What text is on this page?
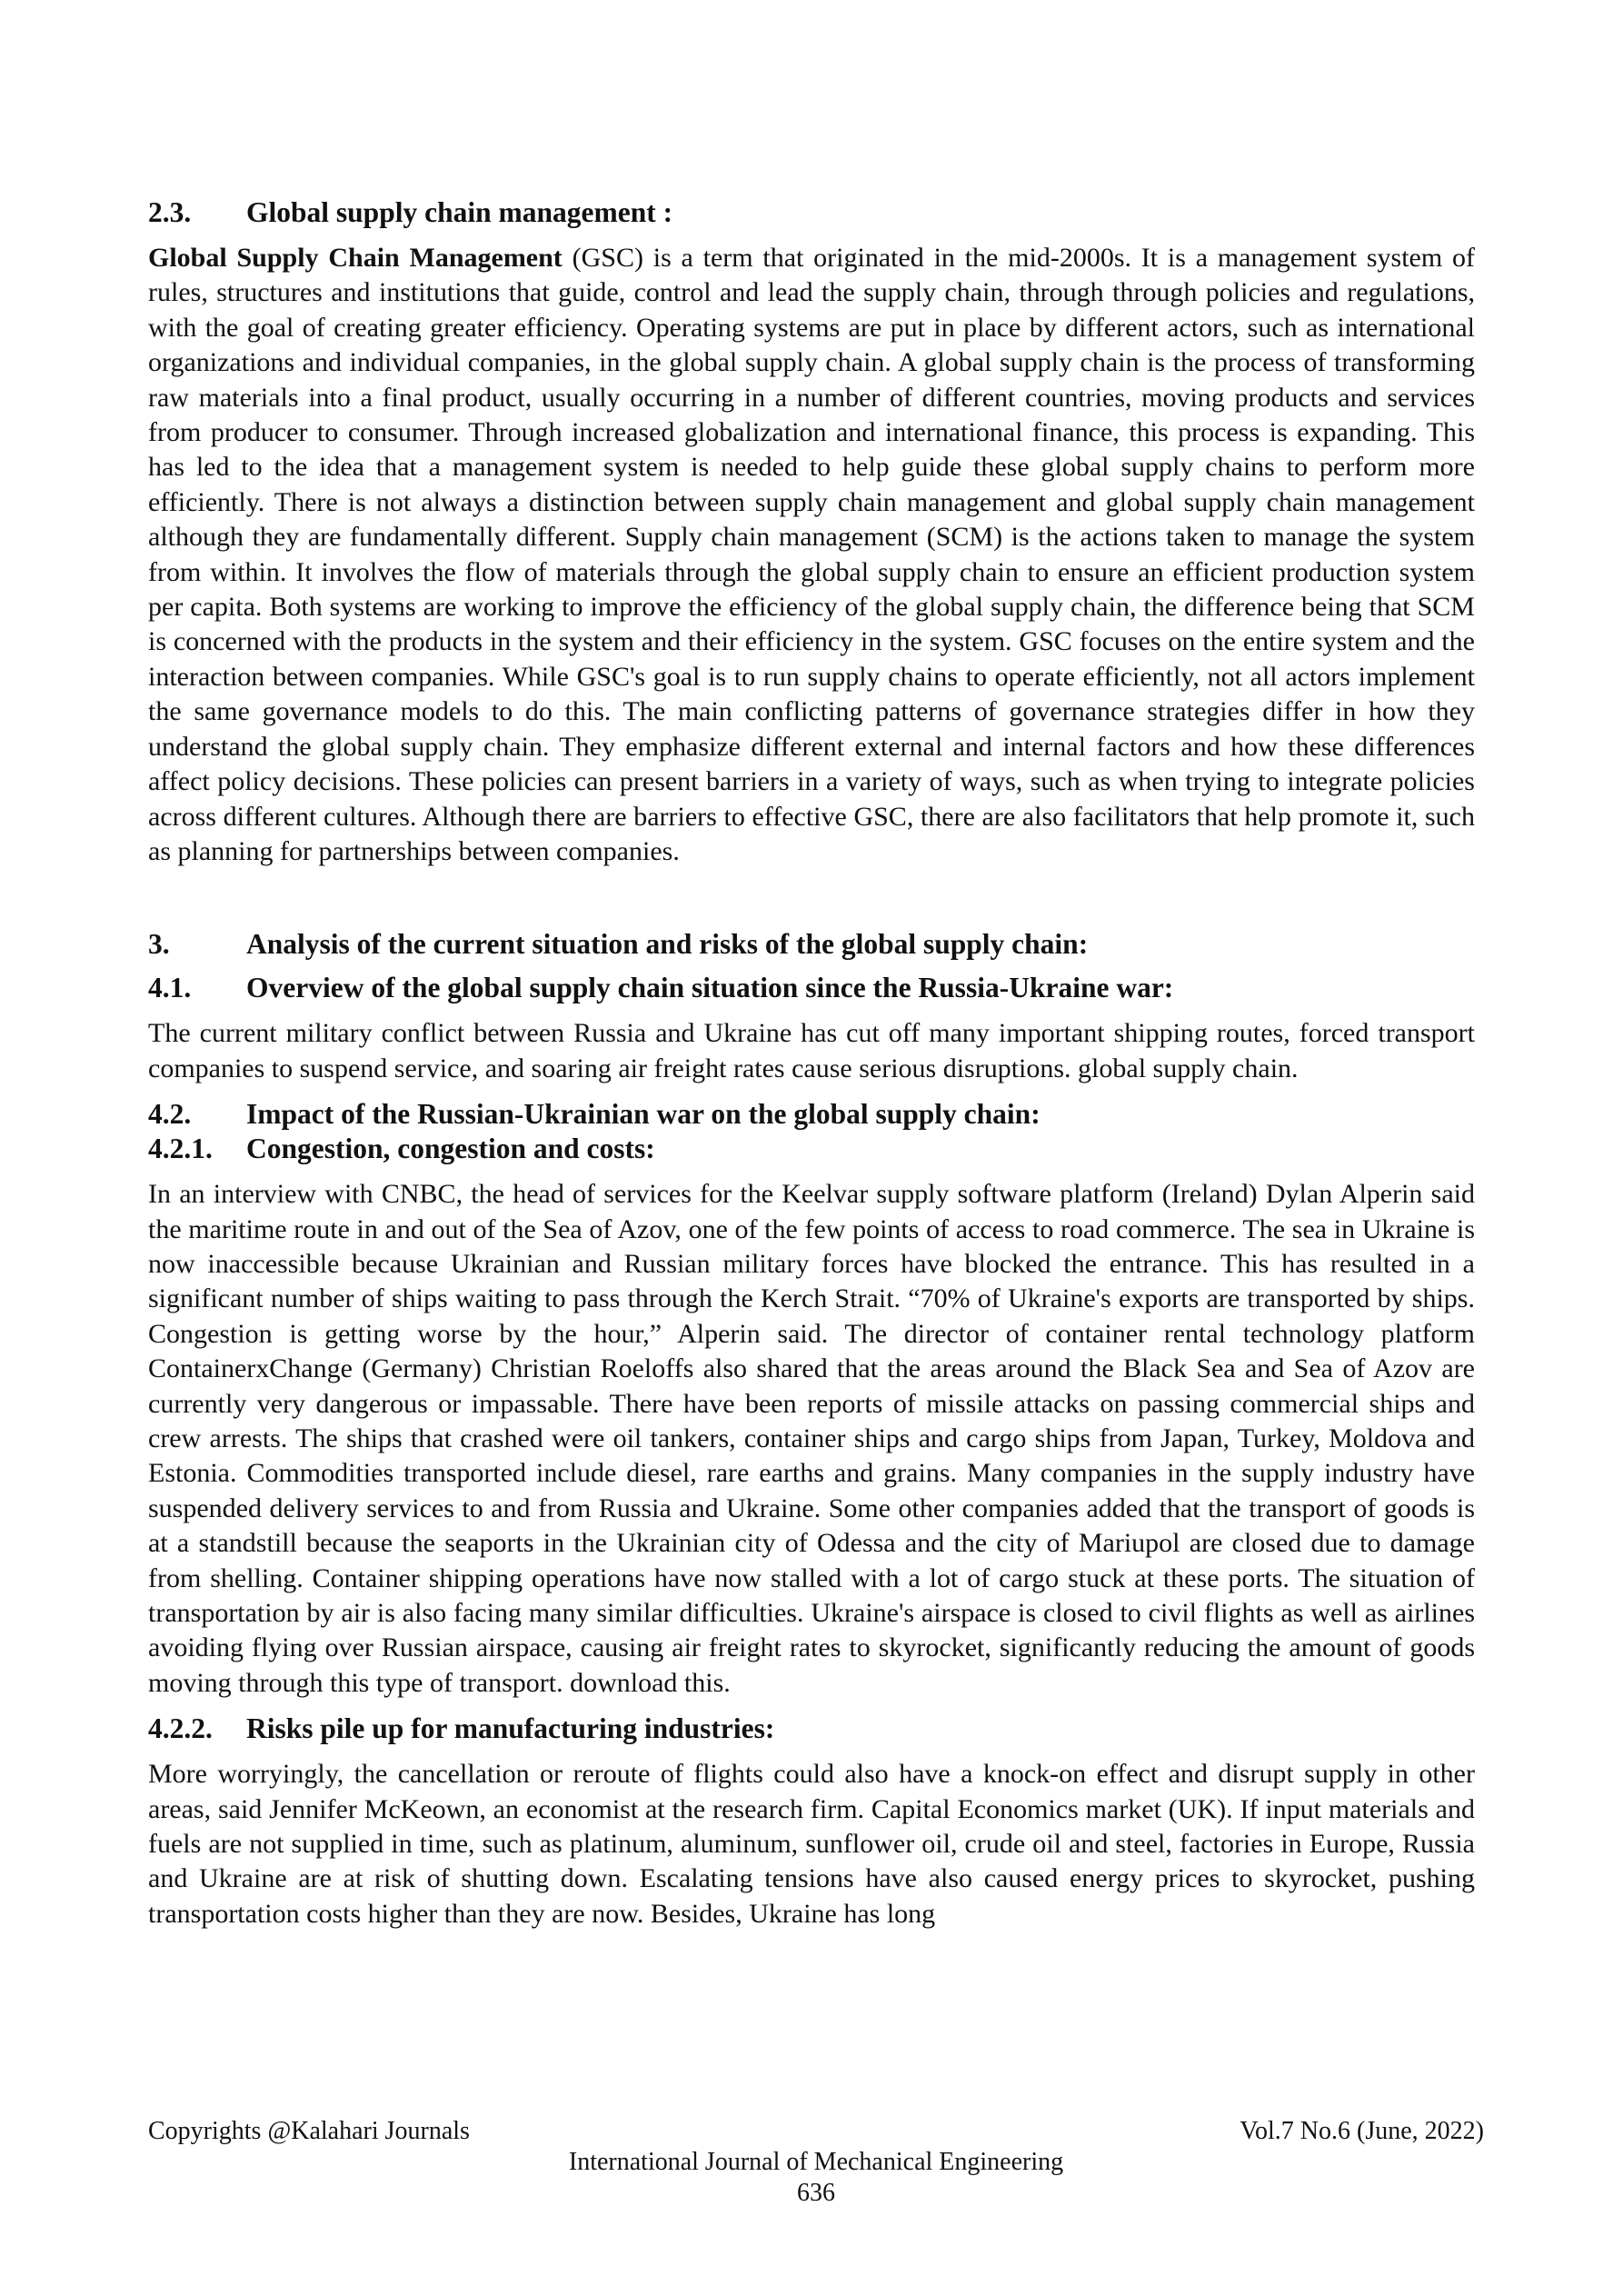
2.3.	Global supply chain management :

Global Supply Chain Management (GSC) is a term that originated in the mid-2000s. It is a management system of rules, structures and institutions that guide, control and lead the supply chain, through through policies and regulations, with the goal of creating greater efficiency. Operating systems are put in place by different actors, such as international organizations and individual companies, in the global supply chain. A global supply chain is the process of transforming raw materials into a final product, usually occurring in a number of different countries, moving products and services from producer to consumer. Through increased globalization and international finance, this process is expanding. This has led to the idea that a management system is needed to help guide these global supply chains to perform more efficiently. There is not always a distinction between supply chain management and global supply chain management although they are fundamentally different. Supply chain management (SCM) is the actions taken to manage the system from within. It involves the flow of materials through the global supply chain to ensure an efficient production system per capita. Both systems are working to improve the efficiency of the global supply chain, the difference being that SCM is concerned with the products in the system and their efficiency in the system. GSC focuses on the entire system and the interaction between companies. While GSC's goal is to run supply chains to operate efficiently, not all actors implement the same governance models to do this. The main conflicting patterns of governance strategies differ in how they understand the global supply chain. They emphasize different external and internal factors and how these differences affect policy decisions. These policies can present barriers in a variety of ways, such as when trying to integrate policies across different cultures. Although there are barriers to effective GSC, there are also facilitators that help promote it, such as planning for partnerships between companies.

3.	Analysis of the current situation and risks of the global supply chain:
4.1.	Overview of the global supply chain situation since the Russia-Ukraine war:

The current military conflict between Russia and Ukraine has cut off many important shipping routes, forced transport companies to suspend service, and soaring air freight rates cause serious disruptions. global supply chain.

4.2.	Impact of the Russian-Ukrainian war on the global supply chain:
4.2.1.	Congestion, congestion and costs:

In an interview with CNBC, the head of services for the Keelvar supply software platform (Ireland) Dylan Alperin said the maritime route in and out of the Sea of Azov, one of the few points of access to road commerce. The sea in Ukraine is now inaccessible because Ukrainian and Russian military forces have blocked the entrance. This has resulted in a significant number of ships waiting to pass through the Kerch Strait. “70% of Ukraine's exports are transported by ships. Congestion is getting worse by the hour,” Alperin said. The director of container rental technology platform ContainerxChange (Germany) Christian Roeloffs also shared that the areas around the Black Sea and Sea of Azov are currently very dangerous or impassable. There have been reports of missile attacks on passing commercial ships and crew arrests. The ships that crashed were oil tankers, container ships and cargo ships from Japan, Turkey, Moldova and Estonia. Commodities transported include diesel, rare earths and grains. Many companies in the supply industry have suspended delivery services to and from Russia and Ukraine. Some other companies added that the transport of goods is at a standstill because the seaports in the Ukrainian city of Odessa and the city of Mariupol are closed due to damage from shelling. Container shipping operations have now stalled with a lot of cargo stuck at these ports. The situation of transportation by air is also facing many similar difficulties. Ukraine's airspace is closed to civil flights as well as airlines avoiding flying over Russian airspace, causing air freight rates to skyrocket, significantly reducing the amount of goods moving through this type of transport. download this.

4.2.2.	Risks pile up for manufacturing industries:

More worryingly, the cancellation or reroute of flights could also have a knock-on effect and disrupt supply in other areas, said Jennifer McKeown, an economist at the research firm. Capital Economics market (UK). If input materials and fuels are not supplied in time, such as platinum, aluminum, sunflower oil, crude oil and steel, factories in Europe, Russia and Ukraine are at risk of shutting down. Escalating tensions have also caused energy prices to skyrocket, pushing transportation costs higher than they are now. Besides, Ukraine has long

Copyrights @Kalahari Journals	Vol.7 No.6 (June, 2022)
International Journal of Mechanical Engineering
636
